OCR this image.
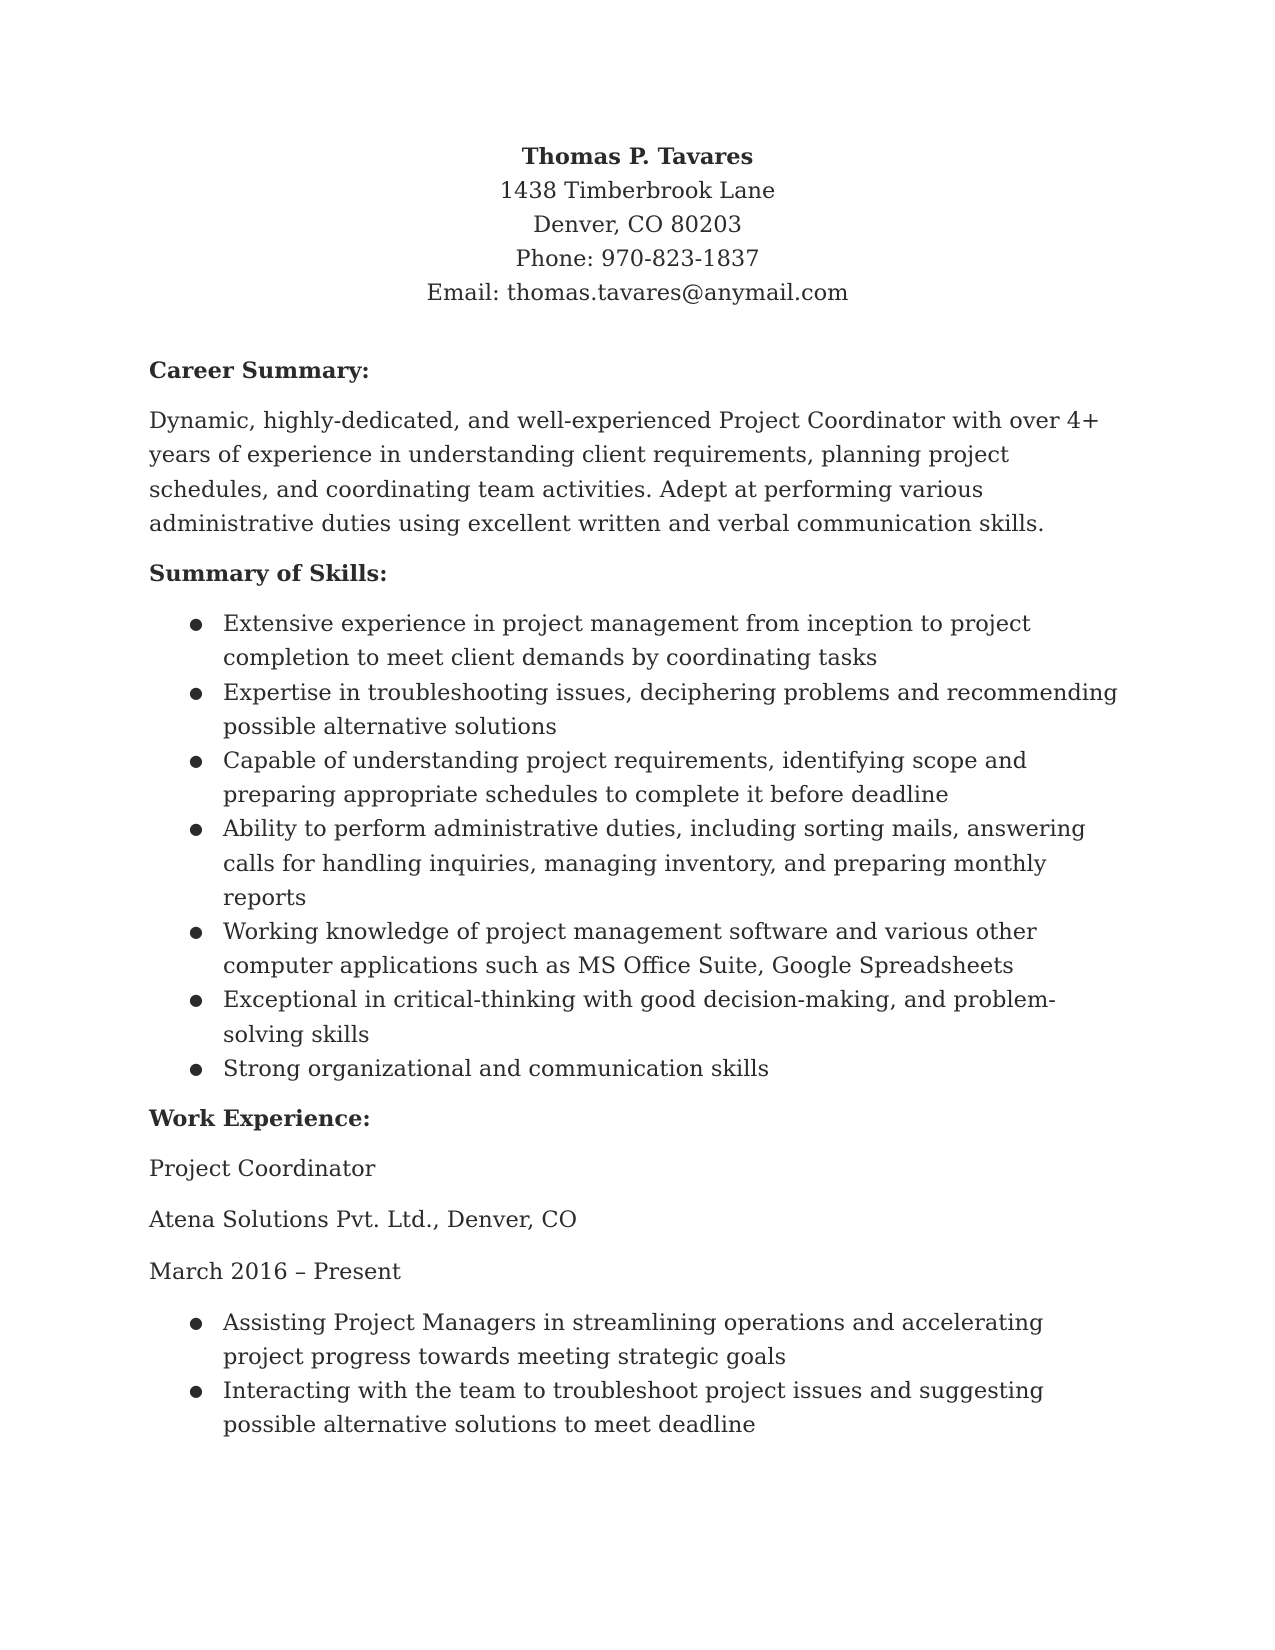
Thomas P. Tavares
1438 Timberbrook Lane
Denver, CO 80203
Phone: 970-823-1837
Email: thomas.tavares@anymail.com
Career Summary:
Dynamic, highly-dedicated, and well-experienced Project Coordinator with over 4+ years of experience in understanding client requirements, planning project schedules, and coordinating team activities. Adept at performing various administrative duties using excellent written and verbal communication skills.
Summary of Skills:
● Extensive experience in project management from inception to project completion to meet client demands by coordinating tasks
● Expertise in troubleshooting issues, deciphering problems and recommending possible alternative solutions
● Capable of understanding project requirements, identifying scope and preparing appropriate schedules to complete it before deadline
● Ability to perform administrative duties, including sorting mails, answering calls for handling inquiries, managing inventory, and preparing monthly reports
● Working knowledge of project management software and various other computer applications such as MS Office Suite, Google Spreadsheets
● Exceptional in critical-thinking with good decision-making, and problem-solving skills
● Strong organizational and communication skills
Work Experience:
Project Coordinator
Atena Solutions Pvt. Ltd., Denver, CO
March 2016 – Present
● Assisting Project Managers in streamlining operations and accelerating project progress towards meeting strategic goals
● Interacting with the team to troubleshoot project issues and suggesting possible alternative solutions to meet deadline
